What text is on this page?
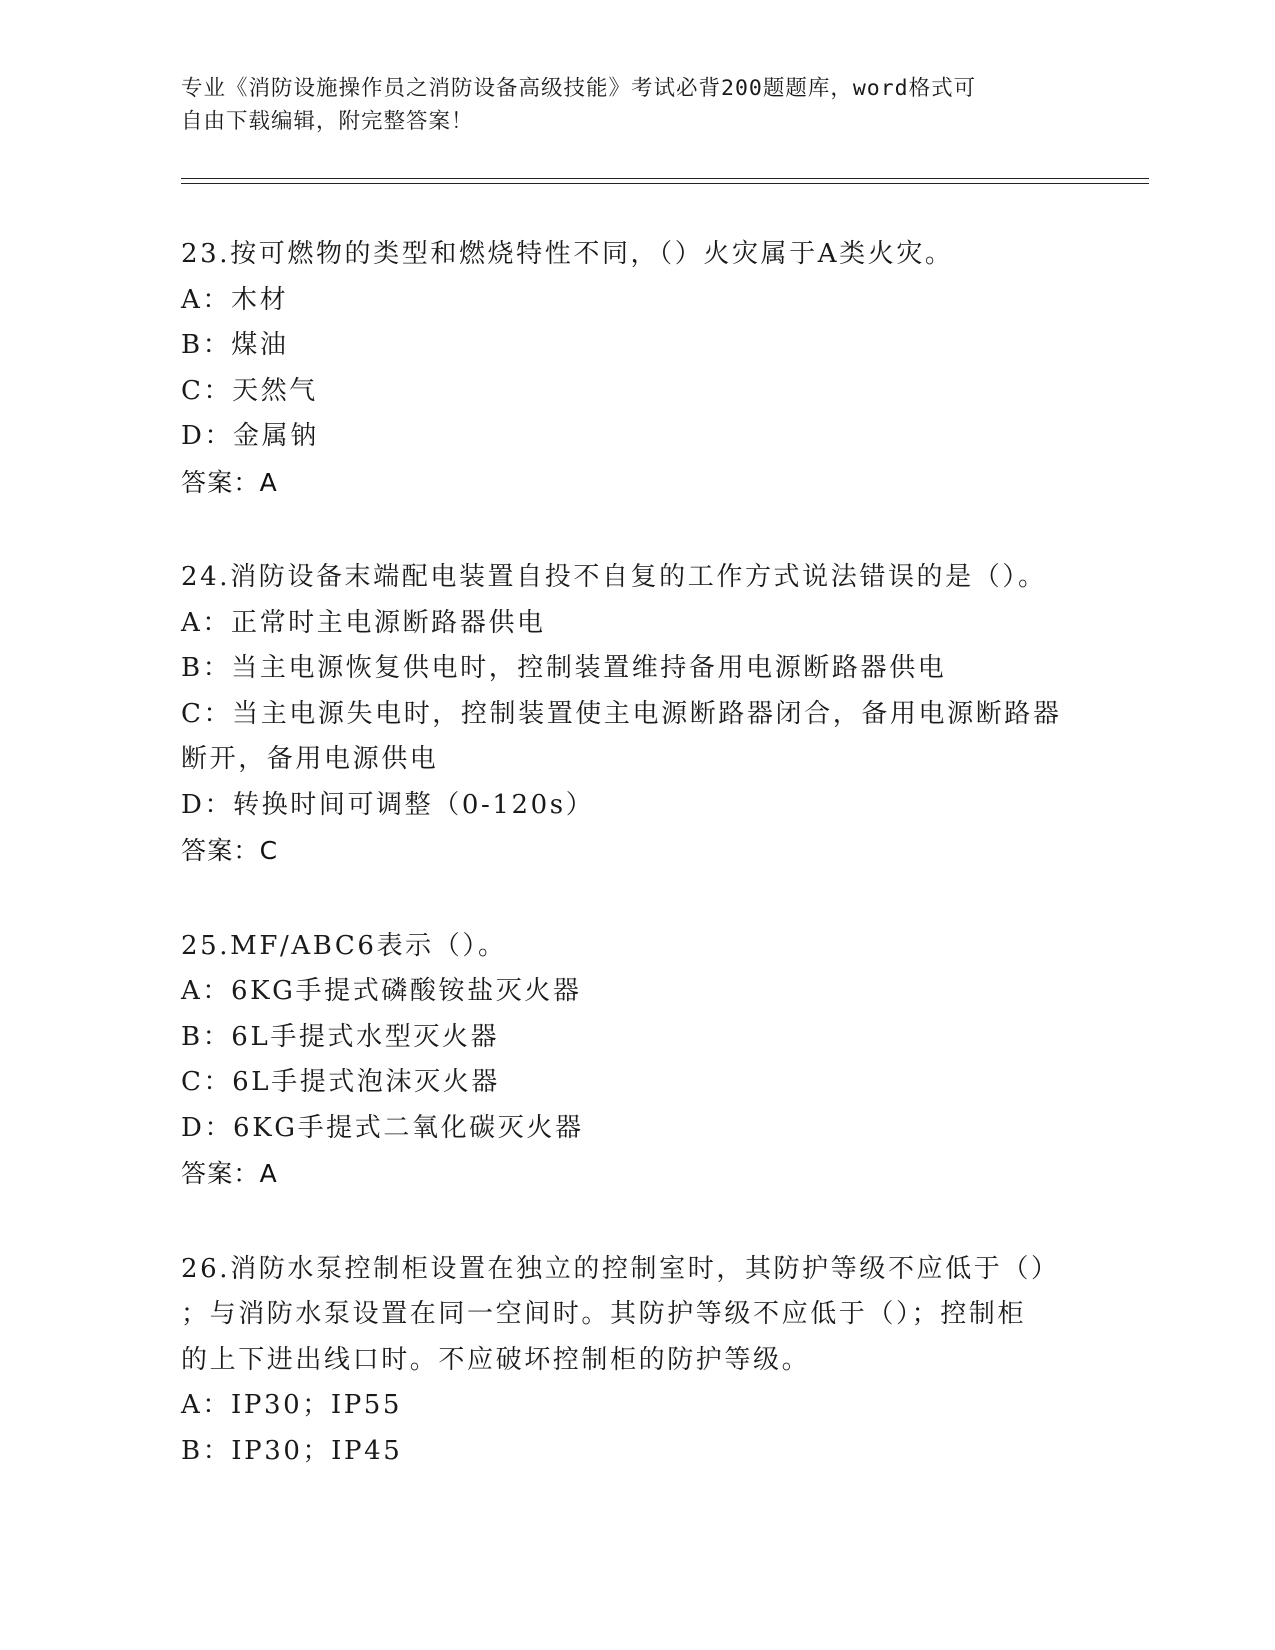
专业《消防设施操作员之消防设备高级技能》考试必背200题题库，word格式可
自由下载编辑，附完整答案！
23.按可燃物的类型和燃烧特性不同，（）火灾属于A类火灾。
A：木材
B：煤油
C：天然气
D：金属钠
答案：A
24.消防设备末端配电装置自投不自复的工作方式说法错误的是（）。
A：正常时主电源断路器供电
B：当主电源恢复供电时，控制装置维持备用电源断路器供电
C：当主电源失电时，控制装置使主电源断路器闭合，备用电源断路器
断开，备用电源供电
D：转换时间可调整（0-120s）
答案：C
25.MF/ABC6表示（）。
A：6KG手提式磷酸铵盐灭火器
B：6L手提式水型灭火器
C：6L手提式泡沫灭火器
D：6KG手提式二氧化碳灭火器
答案：A
26.消防水泵控制柜设置在独立的控制室时，其防护等级不应低于（）
；与消防水泵设置在同一空间时。其防护等级不应低于（）；控制柜
的上下进出线口时。不应破坏控制柜的防护等级。
A：IP30；IP55
B：IP30；IP45
